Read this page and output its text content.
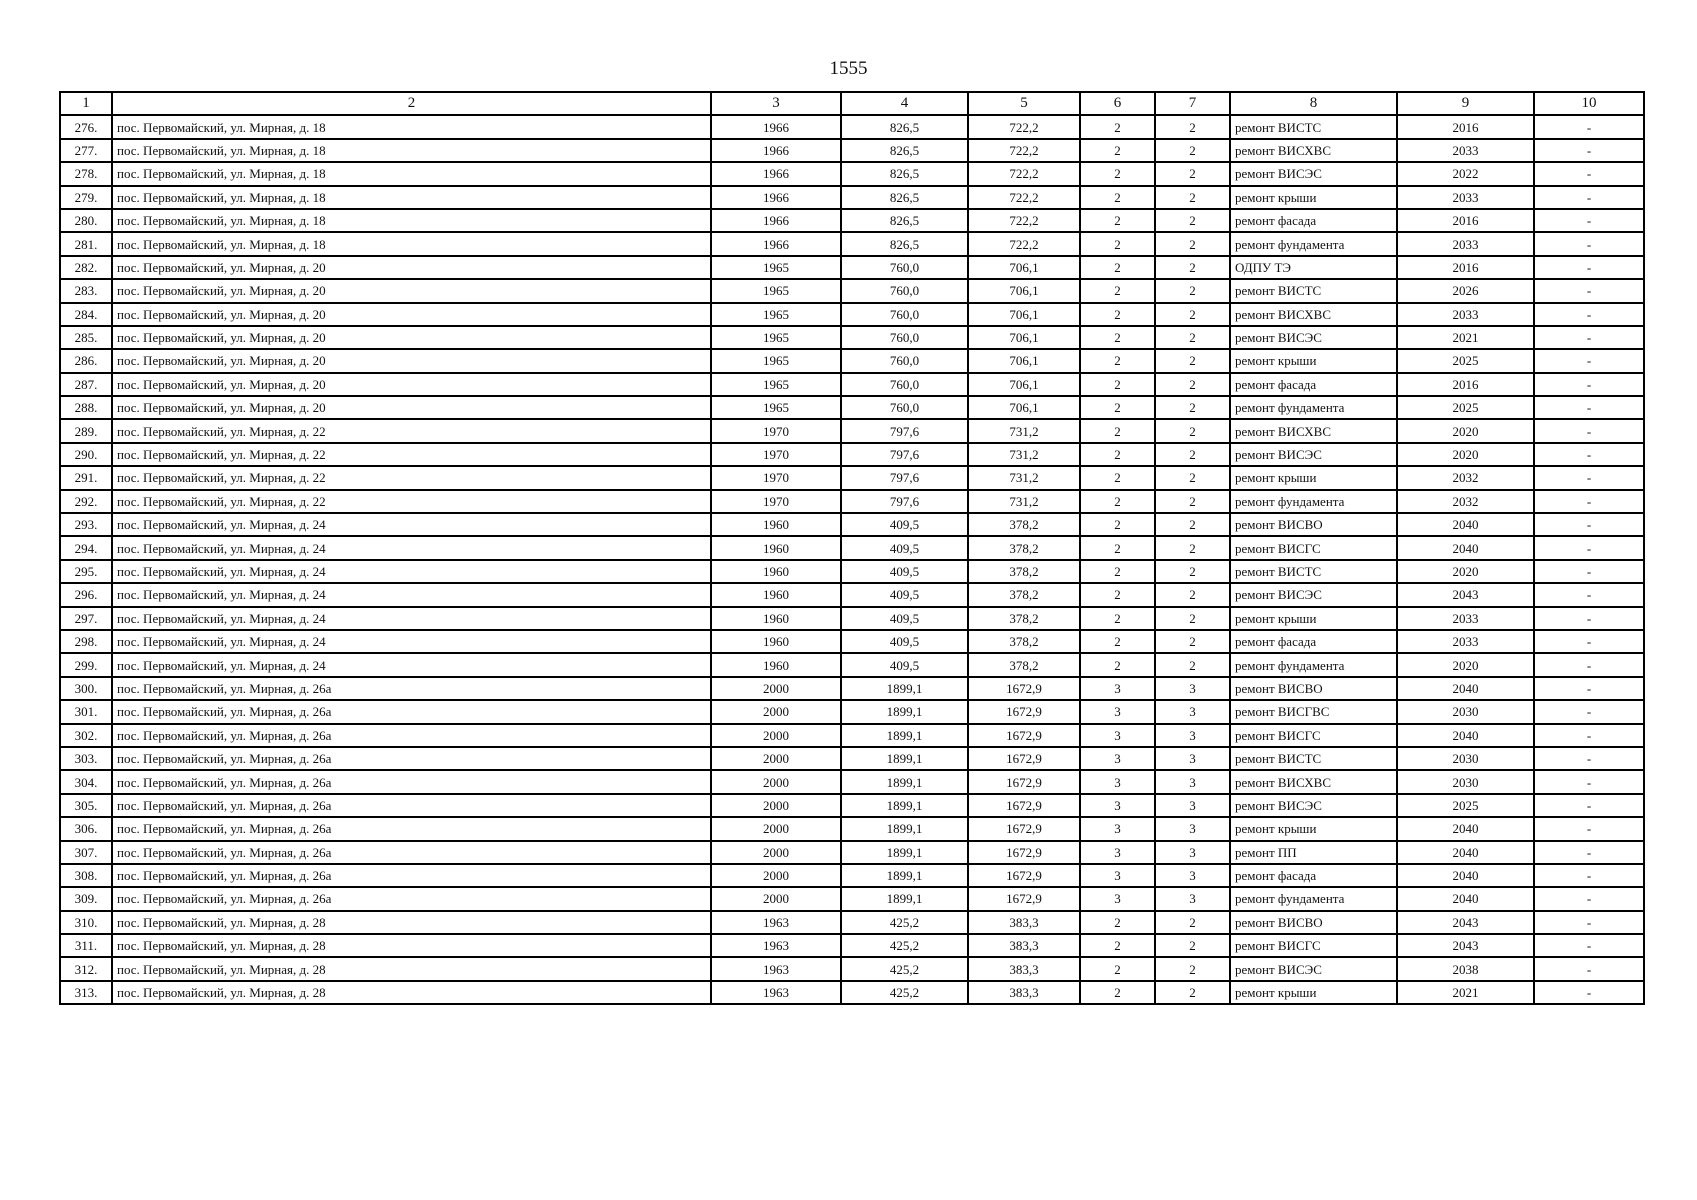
1555
1	2	3	4	5	6	7	8	9	10
276.	пос. Первомайский, ул. Мирная, д. 18	1966	826,5	722,2	2	2	ремонт ВИСТС	2016	-
277.	пос. Первомайский, ул. Мирная, д. 18	1966	826,5	722,2	2	2	ремонт ВИСХВС	2033	-
278.	пос. Первомайский, ул. Мирная, д. 18	1966	826,5	722,2	2	2	ремонт ВИСЭС	2022	-
279.	пос. Первомайский, ул. Мирная, д. 18	1966	826,5	722,2	2	2	ремонт крыши	2033	-
280.	пос. Первомайский, ул. Мирная, д. 18	1966	826,5	722,2	2	2	ремонт фасада	2016	-
281.	пос. Первомайский, ул. Мирная, д. 18	1966	826,5	722,2	2	2	ремонт фундамента	2033	-
282.	пос. Первомайский, ул. Мирная, д. 20	1965	760,0	706,1	2	2	ОДПУ ТЭ	2016	-
283.	пос. Первомайский, ул. Мирная, д. 20	1965	760,0	706,1	2	2	ремонт ВИСТС	2026	-
284.	пос. Первомайский, ул. Мирная, д. 20	1965	760,0	706,1	2	2	ремонт ВИСХВС	2033	-
285.	пос. Первомайский, ул. Мирная, д. 20	1965	760,0	706,1	2	2	ремонт ВИСЭС	2021	-
286.	пос. Первомайский, ул. Мирная, д. 20	1965	760,0	706,1	2	2	ремонт крыши	2025	-
287.	пос. Первомайский, ул. Мирная, д. 20	1965	760,0	706,1	2	2	ремонт фасада	2016	-
288.	пос. Первомайский, ул. Мирная, д. 20	1965	760,0	706,1	2	2	ремонт фундамента	2025	-
289.	пос. Первомайский, ул. Мирная, д. 22	1970	797,6	731,2	2	2	ремонт ВИСХВС	2020	-
290.	пос. Первомайский, ул. Мирная, д. 22	1970	797,6	731,2	2	2	ремонт ВИСЭС	2020	-
291.	пос. Первомайский, ул. Мирная, д. 22	1970	797,6	731,2	2	2	ремонт крыши	2032	-
292.	пос. Первомайский, ул. Мирная, д. 22	1970	797,6	731,2	2	2	ремонт фундамента	2032	-
293.	пос. Первомайский, ул. Мирная, д. 24	1960	409,5	378,2	2	2	ремонт ВИСВО	2040	-
294.	пос. Первомайский, ул. Мирная, д. 24	1960	409,5	378,2	2	2	ремонт ВИСГС	2040	-
295.	пос. Первомайский, ул. Мирная, д. 24	1960	409,5	378,2	2	2	ремонт ВИСТС	2020	-
296.	пос. Первомайский, ул. Мирная, д. 24	1960	409,5	378,2	2	2	ремонт ВИСЭС	2043	-
297.	пос. Первомайский, ул. Мирная, д. 24	1960	409,5	378,2	2	2	ремонт крыши	2033	-
298.	пос. Первомайский, ул. Мирная, д. 24	1960	409,5	378,2	2	2	ремонт фасада	2033	-
299.	пос. Первомайский, ул. Мирная, д. 24	1960	409,5	378,2	2	2	ремонт фундамента	2020	-
300.	пос. Первомайский, ул. Мирная, д. 26а	2000	1899,1	1672,9	3	3	ремонт ВИСВО	2040	-
301.	пос. Первомайский, ул. Мирная, д. 26а	2000	1899,1	1672,9	3	3	ремонт ВИСГВС	2030	-
302.	пос. Первомайский, ул. Мирная, д. 26а	2000	1899,1	1672,9	3	3	ремонт ВИСГС	2040	-
303.	пос. Первомайский, ул. Мирная, д. 26а	2000	1899,1	1672,9	3	3	ремонт ВИСТС	2030	-
304.	пос. Первомайский, ул. Мирная, д. 26а	2000	1899,1	1672,9	3	3	ремонт ВИСХВС	2030	-
305.	пос. Первомайский, ул. Мирная, д. 26а	2000	1899,1	1672,9	3	3	ремонт ВИСЭС	2025	-
306.	пос. Первомайский, ул. Мирная, д. 26а	2000	1899,1	1672,9	3	3	ремонт крыши	2040	-
307.	пос. Первомайский, ул. Мирная, д. 26а	2000	1899,1	1672,9	3	3	ремонт ПП	2040	-
308.	пос. Первомайский, ул. Мирная, д. 26а	2000	1899,1	1672,9	3	3	ремонт фасада	2040	-
309.	пос. Первомайский, ул. Мирная, д. 26а	2000	1899,1	1672,9	3	3	ремонт фундамента	2040	-
310.	пос. Первомайский, ул. Мирная, д. 28	1963	425,2	383,3	2	2	ремонт ВИСВО	2043	-
311.	пос. Первомайский, ул. Мирная, д. 28	1963	425,2	383,3	2	2	ремонт ВИСГС	2043	-
312.	пос. Первомайский, ул. Мирная, д. 28	1963	425,2	383,3	2	2	ремонт ВИСЭС	2038	-
313.	пос. Первомайский, ул. Мирная, д. 28	1963	425,2	383,3	2	2	ремонт крыши	2021	-
